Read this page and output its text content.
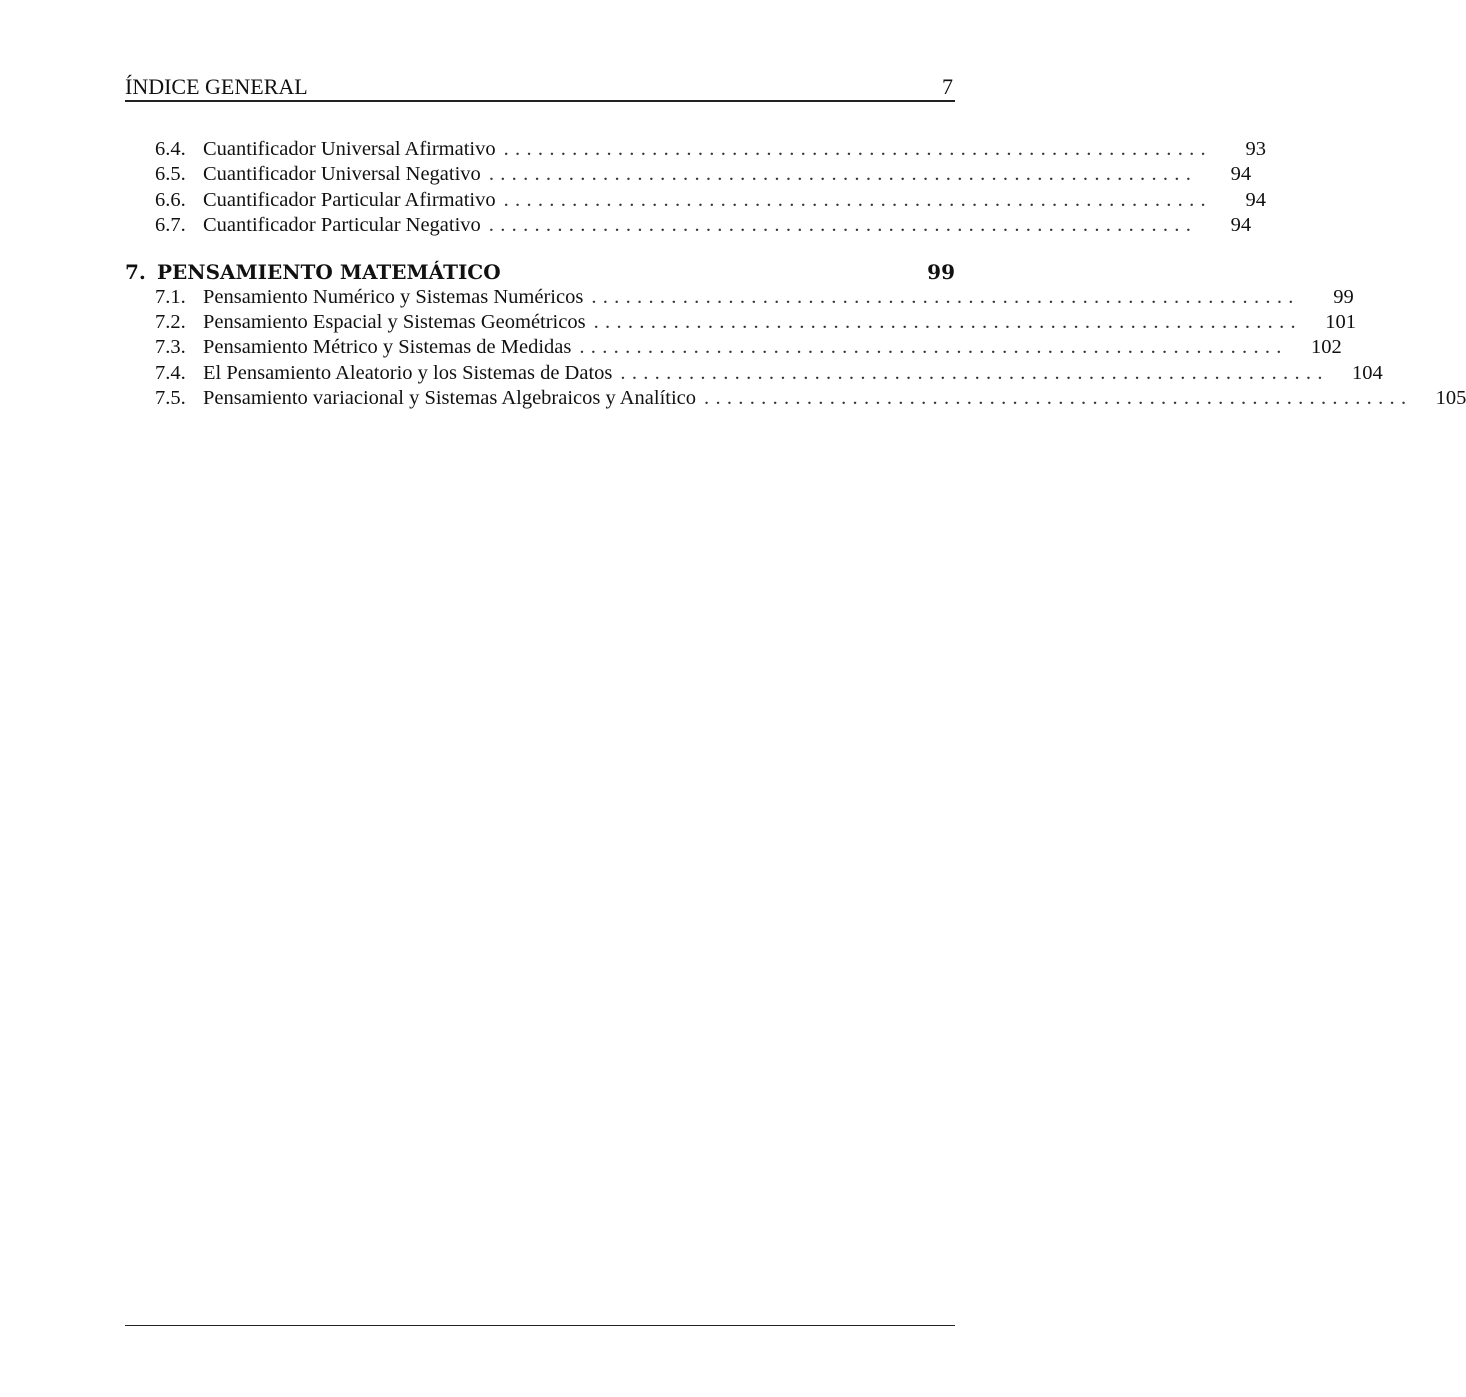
ÍNDICE GENERAL	7
6.4. Cuantificador Universal Afirmativo ..............................................................	93
6.5. Cuantificador Universal Negativo ..............................................................	94
6.6. Cuantificador Particular Afirmativo ..............................................................	94
6.7. Cuantificador Particular Negativo ..............................................................	94
7. PENSAMIENTO MATEMÁTICO	99
7.1. Pensamiento Numérico y Sistemas Numéricos ..............................................................	99
7.2. Pensamiento Espacial y Sistemas Geométricos ..............................................................	101
7.3. Pensamiento Métrico y Sistemas de Medidas ..............................................................	102
7.4. El Pensamiento Aleatorio y los Sistemas de Datos ..............................................................	104
7.5. Pensamiento variacional y Sistemas Algebraicos y Analítico ..............................................................	105
